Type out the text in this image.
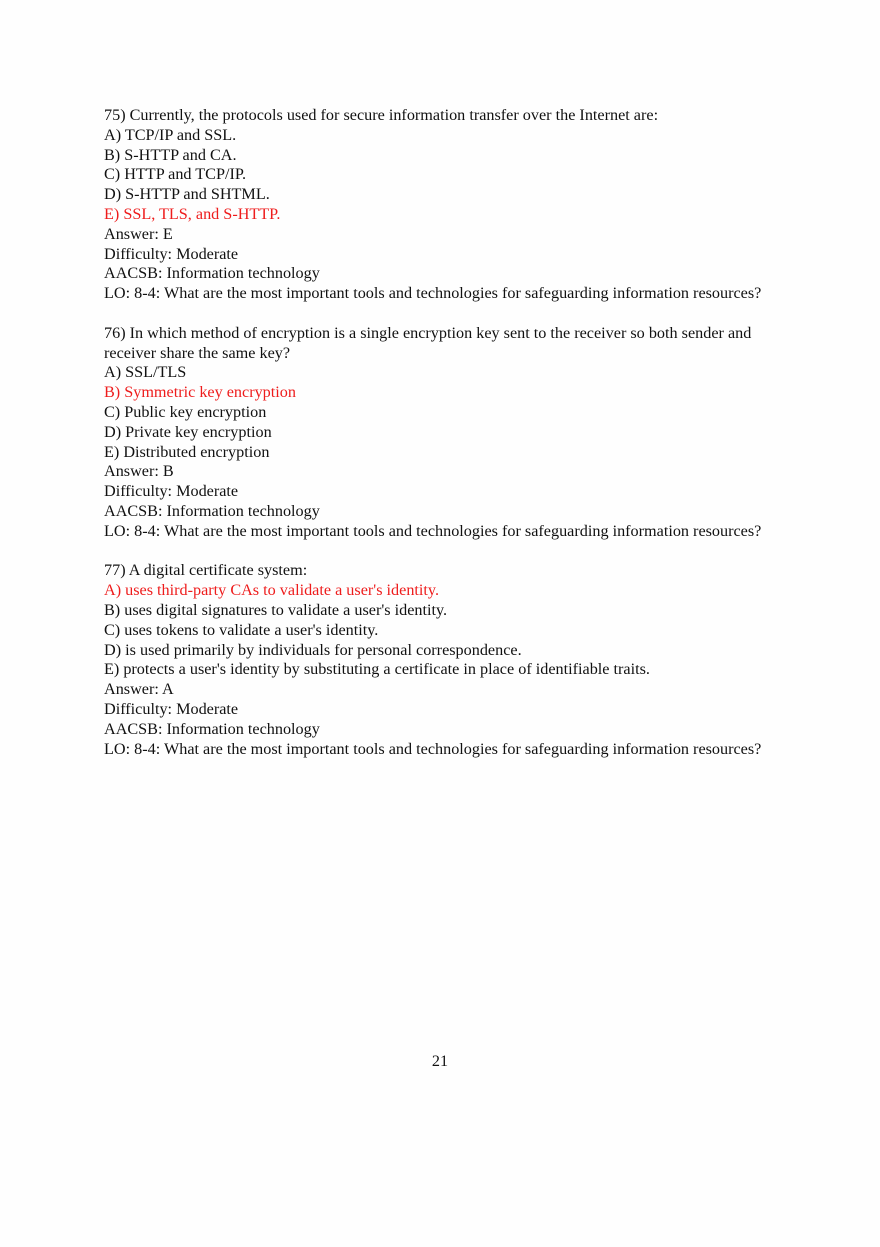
75) Currently, the protocols used for secure information transfer over the Internet are:
A) TCP/IP and SSL.
B) S-HTTP and CA.
C) HTTP and TCP/IP.
D) S-HTTP and SHTML.
E) SSL, TLS, and S-HTTP.
Answer: E
Difficulty: Moderate
AACSB: Information technology
LO: 8-4: What are the most important tools and technologies for safeguarding information resources?
76) In which method of encryption is a single encryption key sent to the receiver so both sender and receiver share the same key?
A) SSL/TLS
B) Symmetric key encryption
C) Public key encryption
D) Private key encryption
E) Distributed encryption
Answer: B
Difficulty: Moderate
AACSB: Information technology
LO: 8-4: What are the most important tools and technologies for safeguarding information resources?
77) A digital certificate system:
A) uses third-party CAs to validate a user's identity.
B) uses digital signatures to validate a user's identity.
C) uses tokens to validate a user's identity.
D) is used primarily by individuals for personal correspondence.
E) protects a user's identity by substituting a certificate in place of identifiable traits.
Answer: A
Difficulty: Moderate
AACSB: Information technology
LO: 8-4: What are the most important tools and technologies for safeguarding information resources?
21
